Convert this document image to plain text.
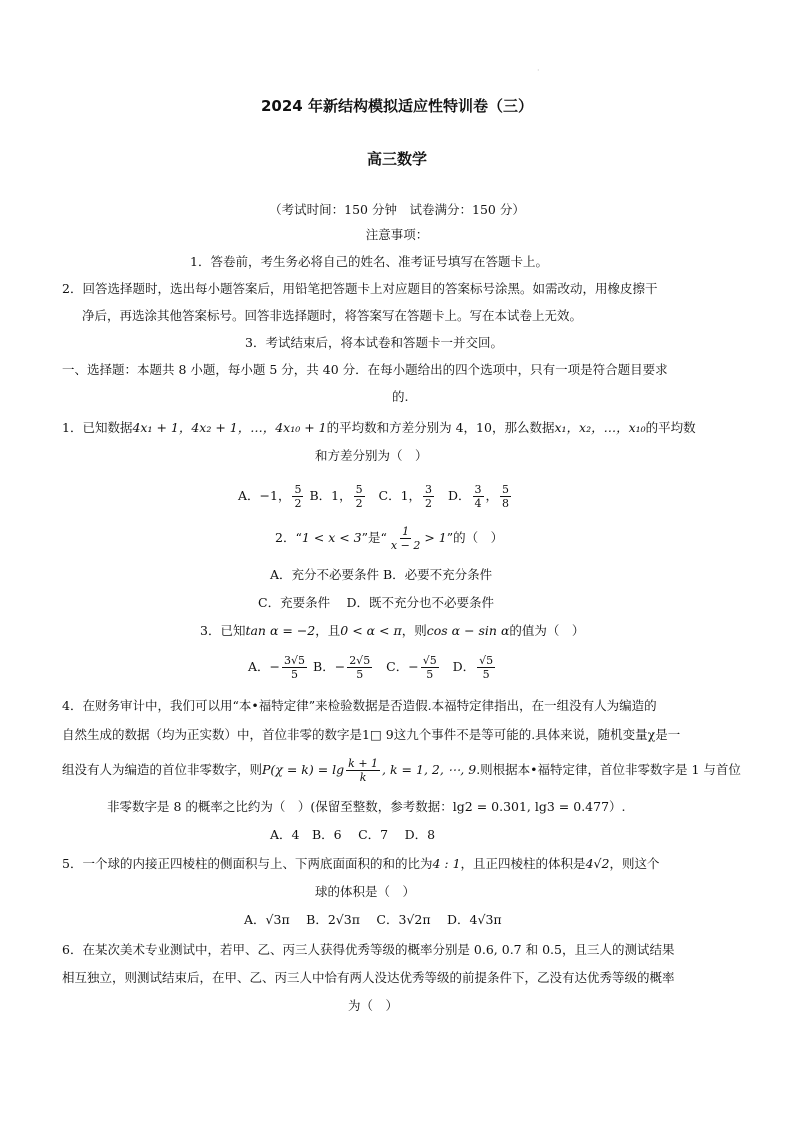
·
2024 年新结构模拟适应性特训卷（三）
高三数学
（考试时间：150 分钟　试卷满分：150 分）
注意事项：
1．答卷前，考生务必将自己的姓名、准考证号填写在答题卡上。
2．回答选择题时，选出每小题答案后，用铅笔把答题卡上对应题目的答案标号涂黑。如需改动，用橡皮擦干
净后，再选涂其他答案标号。回答非选择题时，将答案写在答题卡上。写在本试卷上无效。
3．考试结束后，将本试卷和答题卡一并交回。
一、选择题：本题共 8 小题，每小题 5 分，共 40 分．在每小题给出的四个选项中，只有一项是符合题目要求
的.
1．已知数据4x₁ + 1，4x₂ + 1，…，4x₁₀ + 1的平均数和方差分别为 4，10，那么数据x₁，x₂，…，x₁₀的平均数
和方差分别为（　）
A．−1， $\frac{5}{2}$ B．1， $\frac{5}{2}$ C．1， $\frac{3}{2}$ D． $\frac{3}{4}$ ， $\frac{5}{8}$
2．“1 < x < 3”是“ $\frac{1}{x - 2} > 1$”的（　）
A．充分不必要条件 B．必要不充分条件
C．充要条件　 D．既不充分也不必要条件
3．已知tan α = −2，且0 < α < π，则cos α − sin α的值为（　）
A．− $\frac{3√5}{5}$ B．− $\frac{2√5}{5}$ C．− $\frac{√5}{5}$ D． $\frac{√5}{5}$
4．在财务审计中，我们可以用“本•福特定律”来检验数据是否造假.本福特定律指出，在一组没有人为编造的
自然生成的数据（均为正实数）中，首位非零的数字是1□ 9这九个事件不是等可能的.具体来说，随机变量χ是一
组没有人为编造的首位非零数字，则$P(\chi = k) = \lg \frac{k + 1}{k}$ , k = 1, 2, ⋯, 9.则根据本•福特定律，首位非零数字是 1 与首位
非零数字是 8 的概率之比约为（　）(保留至整数，参考数据：lg2 = 0.301, lg3 = 0.477）.
A．4　B．6　 C．7　 D．8
5．一个球的内接正四棱柱的侧面积与上、下两底面面积的和的比为4 : 1，且正四棱柱的体积是4√2，则这个
球的体积是（　）
A．√3π　 B．2√3π　 C．3√2π　 D．4√3π
6．在某次美术专业测试中，若甲、乙、丙三人获得优秀等级的概率分别是 0.6, 0.7 和 0.5，且三人的测试结果
相互独立，则测试结束后，在甲、乙、丙三人中恰有两人没达优秀等级的前提条件下，乙没有达优秀等级的概率
为（　）
